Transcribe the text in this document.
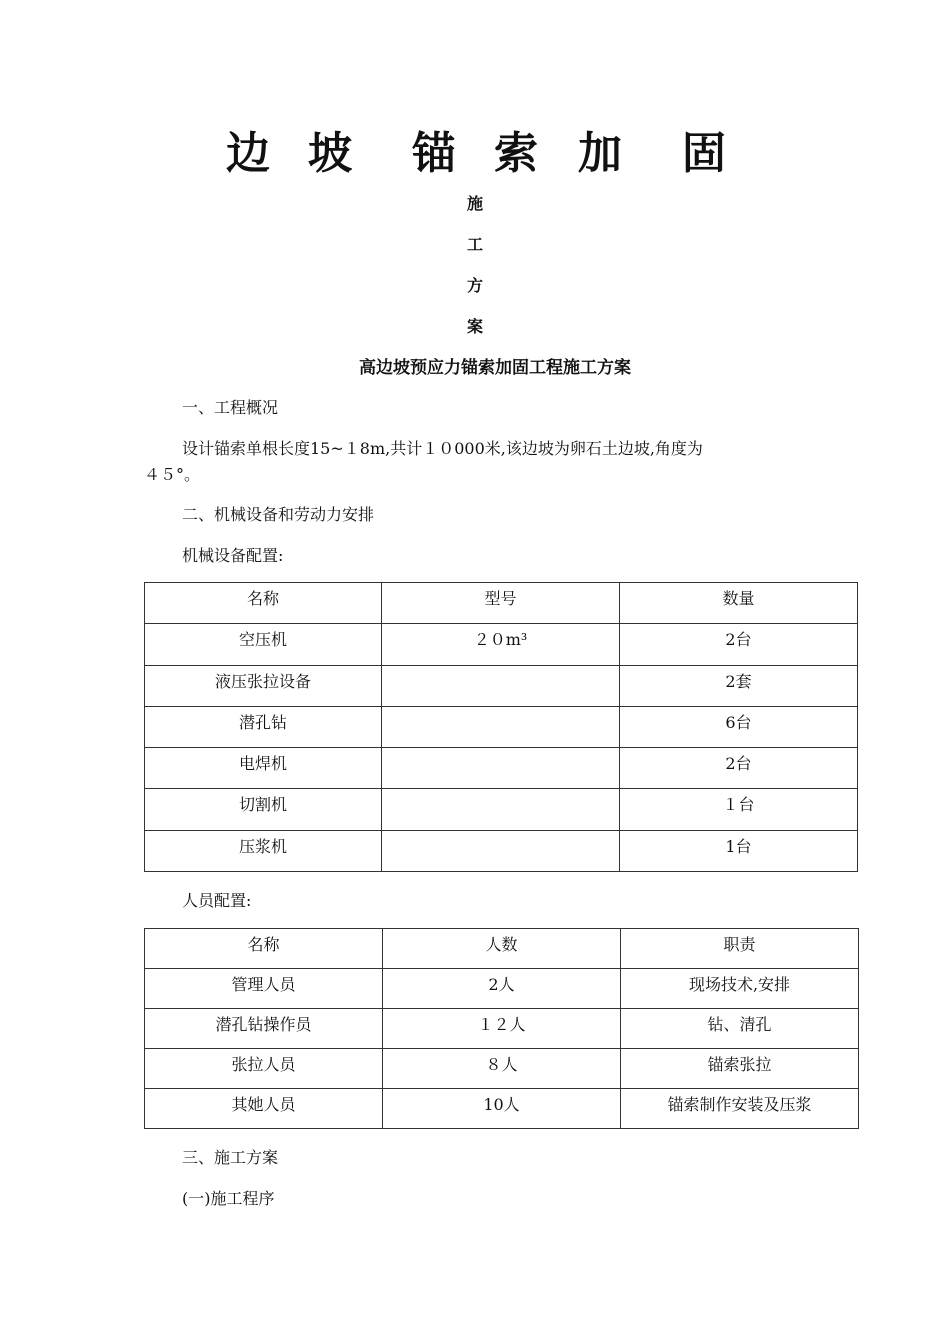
边 坡 锚 索 加 固
施
工
方
案
高边坡预应力锚索加固工程施工方案
一、工程概况
设计锚索单根长度15~１8m,共计１０000米,该边坡为卵石土边坡,角度为
４５°。
二、机械设备和劳动力安排
机械设备配置:
名称	型号	数量
空压机	２０m³	2台
液压张拉设备		2套
潜孔钻		6台
电焊机		2台
切割机		１台
压浆机		1台
人员配置:
名称	人数	职责
管理人员	2人	现场技术,安排
潜孔钻操作员	１２人	钻、清孔
张拉人员	８人	锚索张拉
其她人员	10人	锚索制作安装及压浆
三、施工方案
(一)施工程序
